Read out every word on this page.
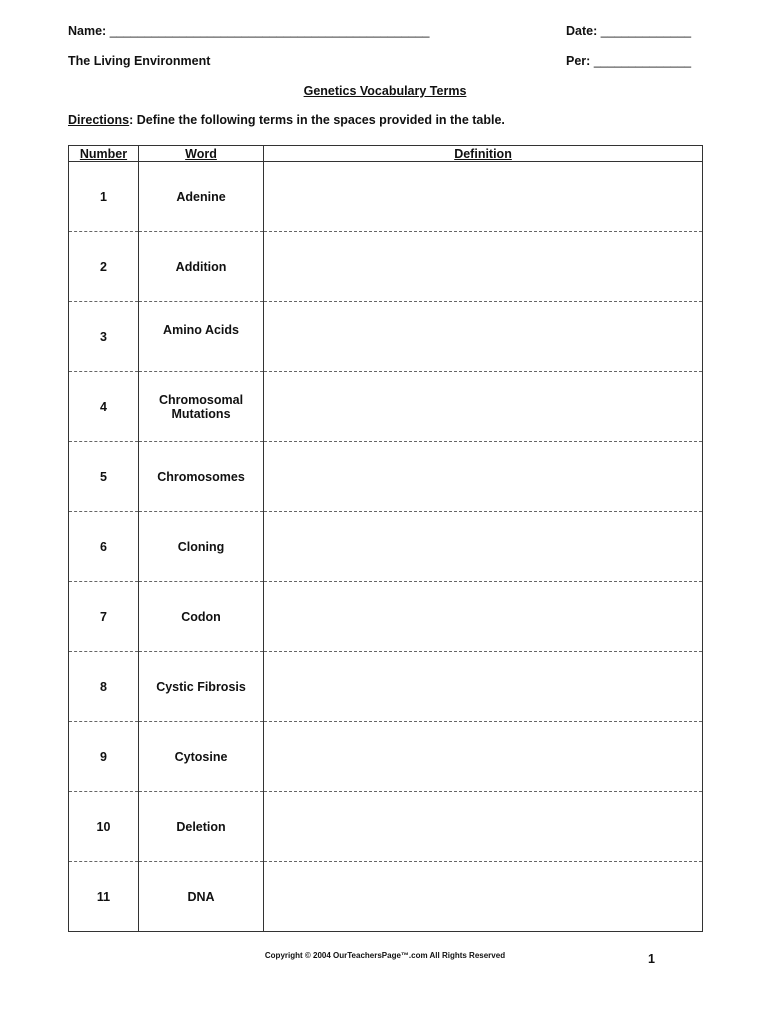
Name: ______________________________________________	Date: _____________
The Living Environment	Per: ______________
Genetics Vocabulary Terms
Directions: Define the following terms in the spaces provided in the table.
Number	Word	Definition
1	Adenine	
2	Addition	
3	Amino Acids	

4	Chromosomal Mutations	
5	Chromosomes	
6	Cloning	
7	Codon	
8	Cystic Fibrosis	
9	Cytosine	
10	Deletion	
11	DNA	
Copyright © 2004 OurTeachersPage™.com All Rights Reserved	1
